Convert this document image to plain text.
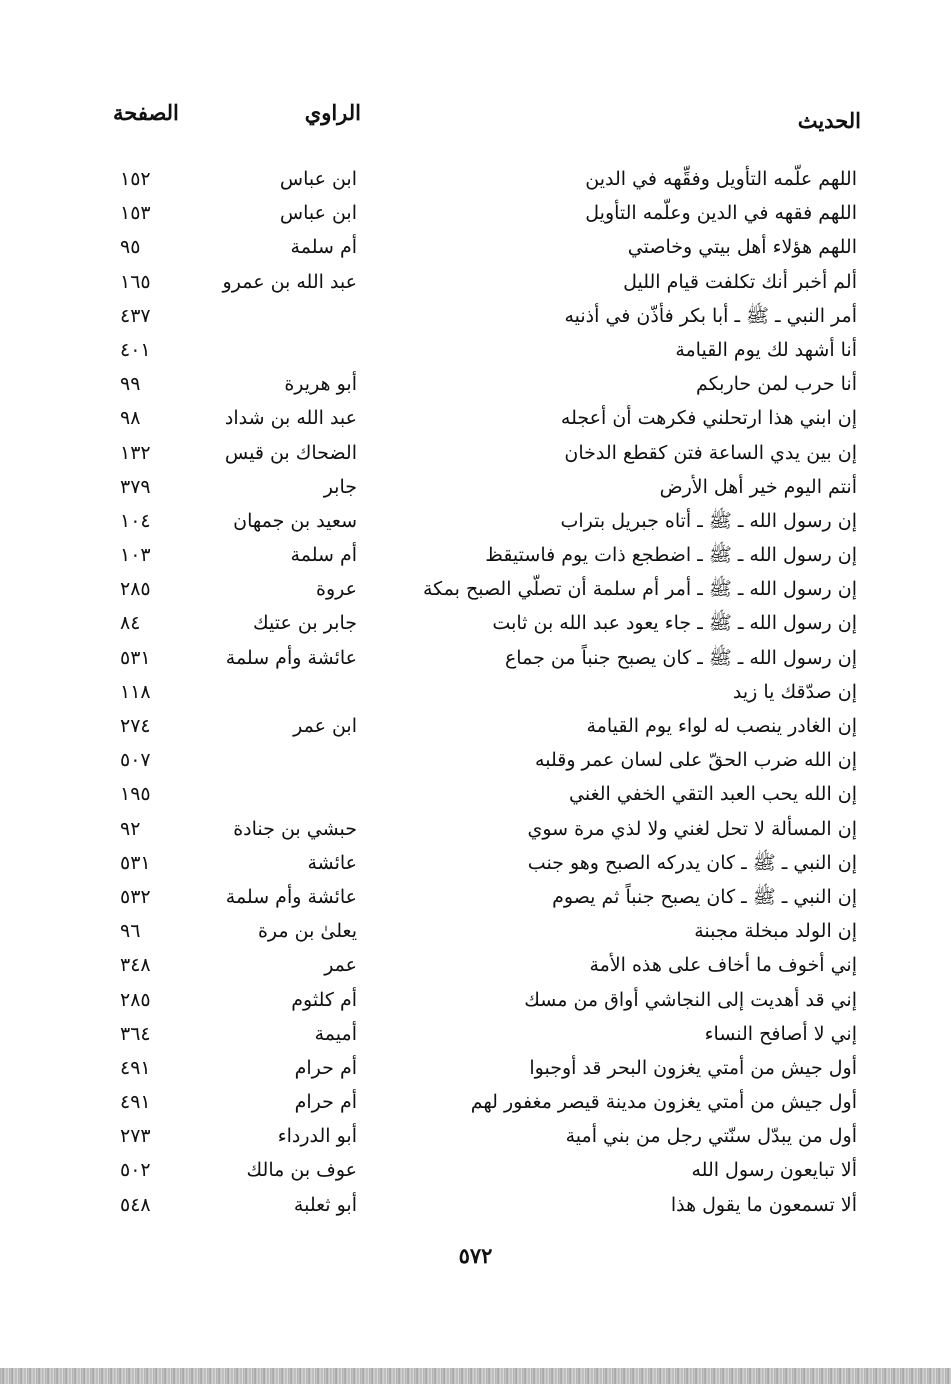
الحديث
الراوي
الصفحة
اللهم علّمه التأويل وفقِّهه في الدين
ابن عباس
١٥٢
اللهم فقهه في الدين وعلّمه التأويل
ابن عباس
١٥٣
اللهم هؤلاء أهل بيتي وخاصتي
أم سلمة
٩٥
ألم أخبر أنك تكلفت قيام الليل
عبد الله بن عمرو
١٦٥
أمر النبي ـ ﷺ ـ أبا بكر فأذّن في أذنيه
٤٣٧
أنا أشهد لك يوم القيامة
٤٠١
أنا حرب لمن حاربكم
أبو هريرة
٩٩
إن ابني هذا ارتحلني فكرهت أن أعجله
عبد الله بن شداد
٩٨
إن بين يدي الساعة فتن كقطع الدخان
الضحاك بن قيس
١٣٢
أنتم اليوم خير أهل الأرض
جابر
٣٧٩
إن رسول الله ـ ﷺ ـ أتاه جبريل بتراب
سعيد بن جمهان
١٠٤
إن رسول الله ـ ﷺ ـ اضطجع ذات يوم فاستيقظ
أم سلمة
١٠٣
إن رسول الله ـ ﷺ ـ أمر أم سلمة أن تصلّي الصبح بمكة
عروة
٢٨٥
إن رسول الله ـ ﷺ ـ جاء يعود عبد الله بن ثابت
جابر بن عتيك
٨٤
إن رسول الله ـ ﷺ ـ كان يصبح جنباً من جماع
عائشة وأم سلمة
٥٣١
إن صدّقك يا زيد
١١٨
إن الغادر ينصب له لواء يوم القيامة
ابن عمر
٢٧٤
إن الله ضرب الحقّ على لسان عمر وقلبه
٥٠٧
إن الله يحب العبد التقي الخفي الغني
١٩٥
إن المسألة لا تحل لغني ولا لذي مرة سوي
حبشي بن جنادة
٩٢
إن النبي ـ ﷺ ـ كان يدركه الصبح وهو جنب
عائشة
٥٣١
إن النبي ـ ﷺ ـ كان يصبح جنباً ثم يصوم
عائشة وأم سلمة
٥٣٢
إن الولد مبخلة مجبنة
يعلىٰ بن مرة
٩٦
إني أخوف ما أخاف على هذه الأمة
عمر
٣٤٨
إني قد أهديت إلى النجاشي أواق من مسك
أم كلثوم
٢٨٥
إني لا أصافح النساء
أميمة
٣٦٤
أول جيش من أمتي يغزون البحر قد أوجبوا
أم حرام
٤٩١
أول جيش من أمتي يغزون مدينة قيصر مغفور لهم
أم حرام
٤٩١
أول من يبدّل سنّتي رجل من بني أمية
أبو الدرداء
٢٧٣
ألا تبايعون رسول الله
عوف بن مالك
٥٠٢
ألا تسمعون ما يقول هذا
أبو ثعلبة
٥٤٨
٥٧٢
